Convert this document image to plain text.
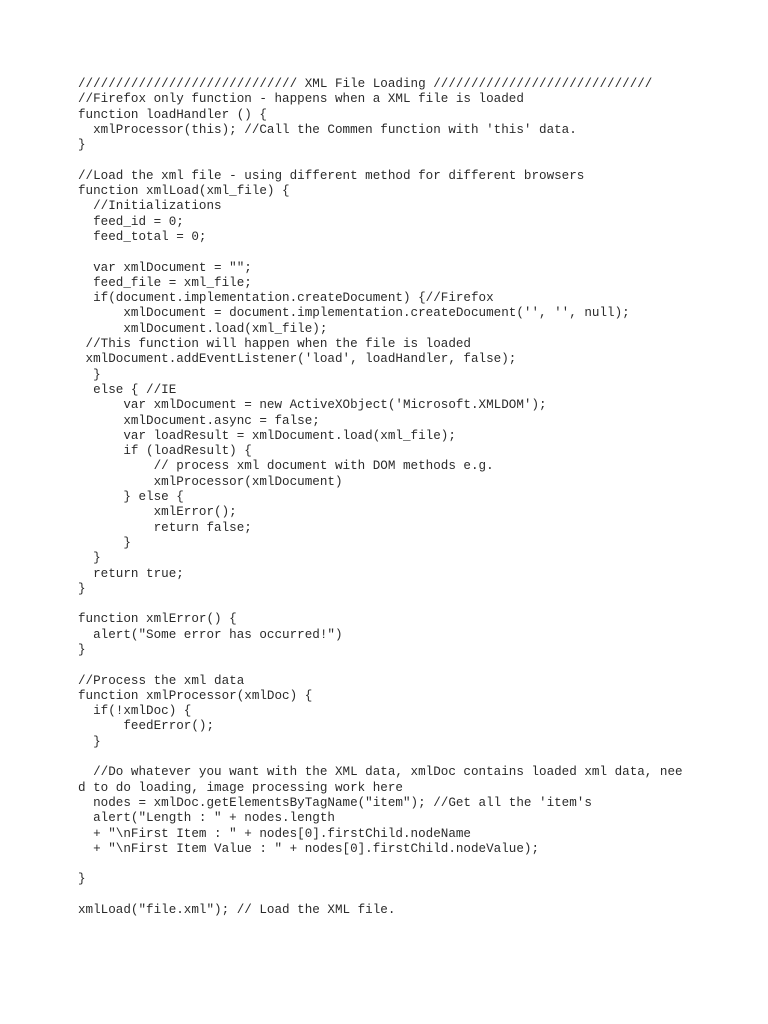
///////////////////////////// XML File Loading /////////////////////////////
//Firefox only function - happens when a XML file is loaded
function loadHandler () {
xmlProcessor(this); //Call the Commen function with 'this' data.
}
//Load the xml file - using different method for different browsers
function xmlLoad(xml_file) {
//Initializations
feed_id = 0;
feed_total = 0;
var xmlDocument = "";
feed_file = xml_file;
if(document.implementation.createDocument) {//Firefox
xmlDocument = document.implementation.createDocument('', '', null);
xmlDocument.load(xml_file);
//This function will happen when the file is loaded
xmlDocument.addEventListener('load', loadHandler, false);
}
else { //IE
var xmlDocument = new ActiveXObject('Microsoft.XMLDOM');
xmlDocument.async = false;
var loadResult = xmlDocument.load(xml_file);
if (loadResult) {
// process xml document with DOM methods e.g.
xmlProcessor(xmlDocument)
} else {
xmlError();
return false;
}
}
return true;
}
function xmlError() {
alert("Some error has occurred!")
}
//Process the xml data
function xmlProcessor(xmlDoc) {
if(!xmlDoc) {
feedError();
}
//Do whatever you want with the XML data, xmlDoc contains loaded xml data, nee
d to do loading, image processing work here
nodes = xmlDoc.getElementsByTagName("item"); //Get all the 'item's
alert("Length : " + nodes.length
+ "\nFirst Item : " + nodes[0].firstChild.nodeName
+ "\nFirst Item Value : " + nodes[0].firstChild.nodeValue);
}
xmlLoad("file.xml"); // Load the XML file.
